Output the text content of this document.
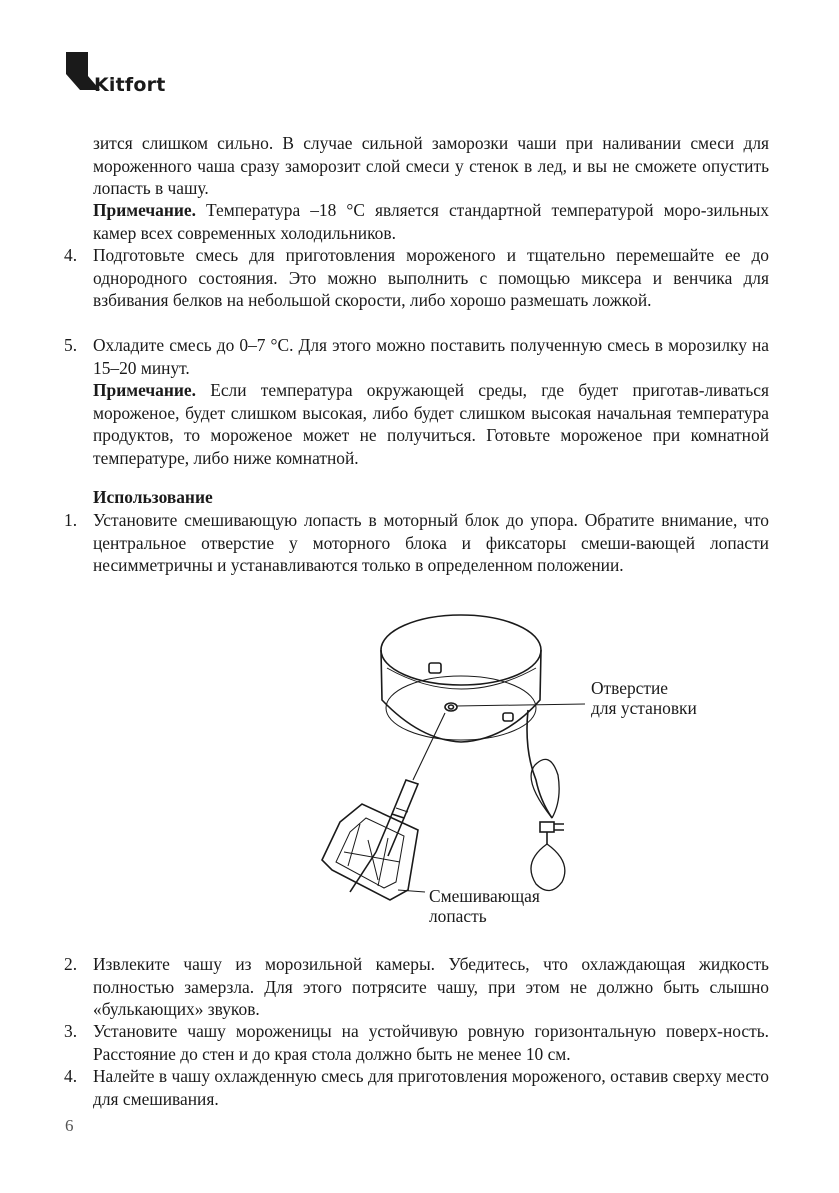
Kitfort

зится слишком сильно. В случае сильной заморозки чаши при наливании смеси для мороженного чаша сразу заморозит слой смеси у стенок в лед, и вы не сможете опустить лопасть в чашу.

Примечание. Температура –18 °С является стандартной температурой моро-зильных камер всех современных холодильников.

4. Подготовьте смесь для приготовления мороженого и тщательно перемешайте ее до однородного состояния. Это можно выполнить с помощью миксера и венчика для взбивания белков на небольшой скорости, либо хорошо размешать ложкой.

5. Охладите смесь до 0–7 °С. Для этого можно поставить полученную смесь в морозилку на 15–20 минут.

Примечание. Если температура окружающей среды, где будет приготав-ливаться мороженое, будет слишком высокая, либо будет слишком высокая начальная температура продуктов, то мороженое может не получиться. Готовьте мороженое при комнатной температуре, либо ниже комнатной.

Использование

1. Установите смешивающую лопасть в моторный блок до упора. Обратите внимание, что центральное отверстие у моторного блока и фиксаторы смеши-вающей лопасти несимметричны и устанавливаются только в определенном положении.

Отверстие
для установки
Смешивающая
лопасть
2. Извлеките чашу из морозильной камеры. Убедитесь, что охлаждающая жидкость полностью замерзла. Для этого потрясите чашу, при этом не должно быть слышно «булькающих» звуков.

3. Установите чашу мороженицы на устойчивую ровную горизонтальную поверх-ность. Расстояние до стен и до края стола должно быть не менее 10 см.

4. Налейте в чашу охлажденную смесь для приготовления мороженого, оставив сверху место для смешивания.

6
